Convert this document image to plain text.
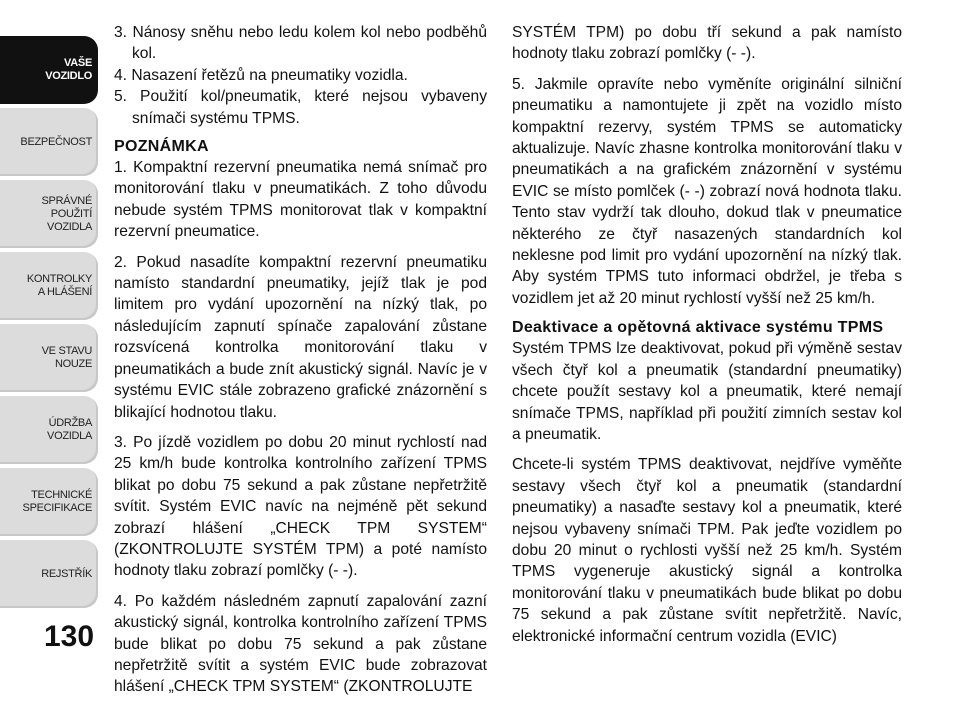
VAŠE
VOZIDLO
BEZPEČNOST
SPRÁVNÉ
POUŽITÍ
VOZIDLA
KONTROLKY
A HLÁŠENÍ
VE STAVU
NOUZE
ÚDRŽBA
VOZIDLA
TECHNICKÉ
SPECIFIKACE
REJSTŘÍK
130

3. Nánosy sněhu nebo ledu kolem kol nebo podběhů kol.

4. Nasazení řetězů na pneumatiky vozidla.

5. Použití kol/pneumatik, které nejsou vybaveny snímači systému TPMS.

POZNÁMKA

1. Kompaktní rezervní pneumatika nemá snímač pro monitorování tlaku v pneumatikách. Z toho důvodu nebude systém TPMS monitorovat tlak v kompaktní rezervní pneumatice.

2. Pokud nasadíte kompaktní rezervní pneumatiku namísto standardní pneumatiky, jejíž tlak je pod limitem pro vydání upozornění na nízký tlak, po následujícím zapnutí spínače zapalování zůstane rozsvícená kontrolka monitorování tlaku v pneumatikách a bude znít akustický signál. Navíc je v systému EVIC stále zobrazeno grafické znázornění s blikající hodnotou tlaku.

3. Po jízdě vozidlem po dobu 20 minut rychlostí nad 25 km/h bude kontrolka kontrolního zařízení TPMS blikat po dobu 75 sekund a pak zůstane nepřetržitě svítit. Systém EVIC navíc na nejméně pět sekund zobrazí hlášení „CHECK TPM SYSTEM“ (ZKONTROLUJTE SYSTÉM TPM) a poté namísto hodnoty tlaku zobrazí pomlčky (- -).

4. Po každém následném zapnutí zapalování zazní akustický signál, kontrolka kontrolního zařízení TPMS bude blikat po dobu 75 sekund a pak zůstane nepřetržitě svítit a systém EVIC bude zobrazovat hlášení „CHECK TPM SYSTEM“ (ZKONTROLUJTE

SYSTÉM TPM) po dobu tří sekund a pak namísto hodnoty tlaku zobrazí pomlčky (- -).

5. Jakmile opravíte nebo vyměníte originální silniční pneumatiku a namontujete ji zpět na vozidlo místo kompaktní rezervy, systém TPMS se automaticky aktualizuje. Navíc zhasne kontrolka monitorování tlaku v pneumatikách a na grafickém znázornění v systému EVIC se místo pomlček (- -) zobrazí nová hodnota tlaku. Tento stav vydrží tak dlouho, dokud tlak v pneumatice některého ze čtyř nasazených standardních kol neklesne pod limit pro vydání upozornění na nízký tlak. Aby systém TPMS tuto informaci obdržel, je třeba s vozidlem jet až 20 minut rychlostí vyšší než 25 km/h.

Deaktivace a opětovná aktivace systému TPMS

Systém TPMS lze deaktivovat, pokud při výměně sestav všech čtyř kol a pneumatik (standardní pneumatiky) chcete použít sestavy kol a pneumatik, které nemají snímače TPMS, například při použití zimních sestav kol a pneumatik.

Chcete-li systém TPMS deaktivovat, nejdříve vyměňte sestavy všech čtyř kol a pneumatik (standardní pneumatiky) a nasaďte sestavy kol a pneumatik, které nejsou vybaveny snímači TPM. Pak jeďte vozidlem po dobu 20 minut o rychlosti vyšší než 25 km/h. Systém TPMS vygeneruje akustický signál a kontrolka monitorování tlaku v pneumatikách bude blikat po dobu 75 sekund a pak zůstane svítit nepřetržitě. Navíc, elektronické informační centrum vozidla (EVIC)
